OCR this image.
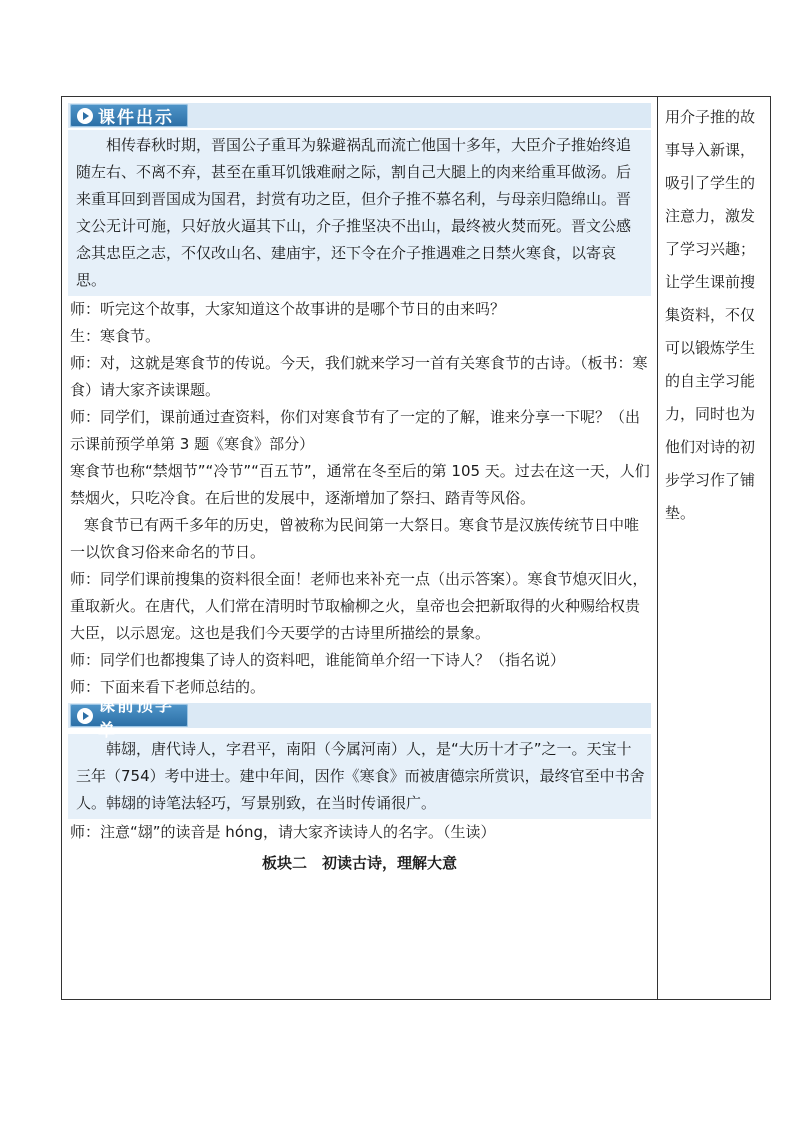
课件出示

相传春秋时期，晋国公子重耳为躲避祸乱而流亡他国十多年，大臣介子推始终追随左右、不离不弃，甚至在重耳饥饿难耐之际，割自己大腿上的肉来给重耳做汤。后来重耳回到晋国成为国君，封赏有功之臣，但介子推不慕名利，与母亲归隐绵山。晋文公无计可施，只好放火逼其下山，介子推坚决不出山，最终被火焚而死。晋文公感念其忠臣之志，不仅改山名、建庙宇，还下令在介子推遇难之日禁火寒食，以寄哀思。

师：听完这个故事，大家知道这个故事讲的是哪个节日的由来吗？

生：寒食节。

师：对，这就是寒食节的传说。今天，我们就来学习一首有关寒食节的古诗。（板书：寒食）请大家齐读课题。

师：同学们，课前通过查资料，你们对寒食节有了一定的了解，谁来分享一下呢？（出示课前预学单第 3 题《寒食》部分）

寒食节也称“禁烟节”“冷节”“百五节”，通常在冬至后的第 105 天。过去在这一天，人们禁烟火，只吃冷食。在后世的发展中，逐渐增加了祭扫、踏青等风俗。

寒食节已有两千多年的历史，曾被称为民间第一大祭日。寒食节是汉族传统节日中唯一以饮食习俗来命名的节日。

师：同学们课前搜集的资料很全面！老师也来补充一点（出示答案）。寒食节熄灭旧火，重取新火。在唐代，人们常在清明时节取榆柳之火，皇帝也会把新取得的火种赐给权贵大臣，以示恩宠。这也是我们今天要学的古诗里所描绘的景象。

师：同学们也都搜集了诗人的资料吧，谁能简单介绍一下诗人？（指名说）

师：下面来看下老师总结的。

课前预学单

韩翃，唐代诗人，字君平，南阳（今属河南）人，是“大历十才子”之一。天宝十三年（754）考中进士。建中年间，因作《寒食》而被唐德宗所赏识，最终官至中书舍人。韩翃的诗笔法轻巧，写景别致，在当时传诵很广。

师：注意“翃”的读音是 hóng，请大家齐读诗人的名字。（生读）

板块二　初读古诗，理解大意

用介子推的故事导入新课，吸引了学生的注意力，激发了学习兴趣；让学生课前搜集资料，不仅可以锻炼学生的自主学习能力，同时也为他们对诗的初步学习作了铺垫。
